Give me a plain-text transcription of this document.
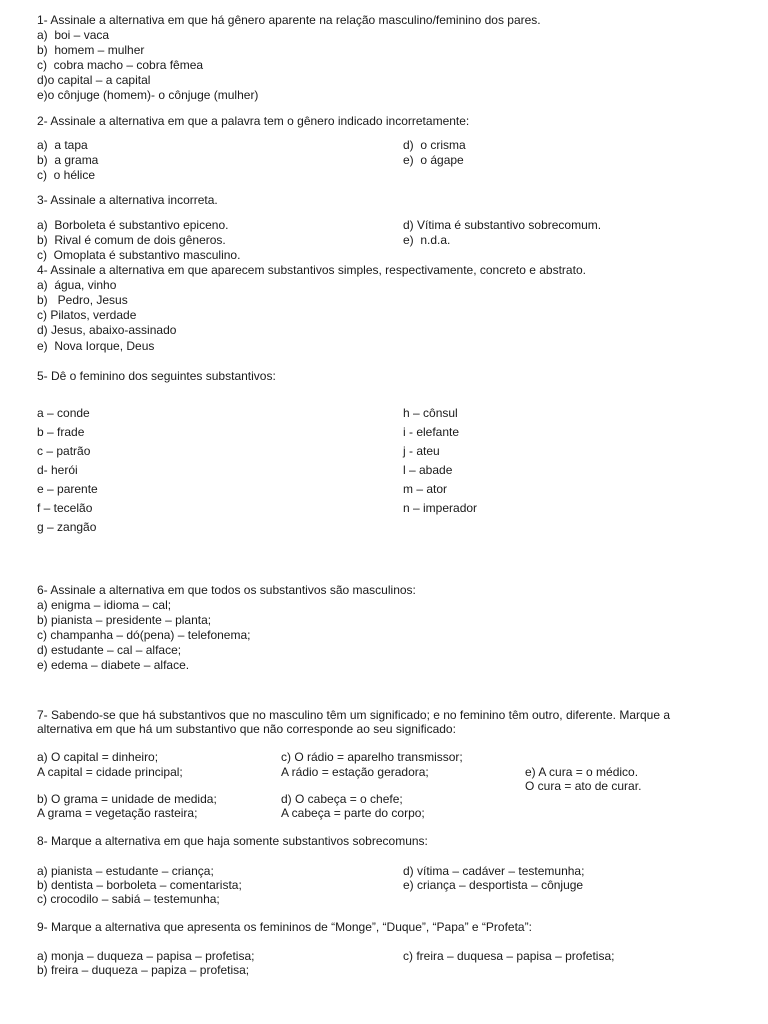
1- Assinale a alternativa em que há gênero aparente na relação masculino/feminino dos pares.
a)  boi – vaca
b)  homem – mulher
c)  cobra macho – cobra fêmea
d)o capital – a capital
e)o cônjuge (homem)- o cônjuge (mulher)
2- Assinale a alternativa em que a palavra tem o gênero indicado incorretamente:
a)  a tapa
b)  a grama
c)  o hélice
d)  o crisma
e)  o ágape
3- Assinale a alternativa incorreta.
a)  Borboleta é substantivo epiceno.
b)  Rival é comum de dois gêneros.
c)  Omoplata é substantivo masculino.
d) Vítima é substantivo sobrecomum.
e)  n.d.a.
4- Assinale a alternativa em que aparecem substantivos simples, respectivamente, concreto e abstrato.
a)  água, vinho
b)   Pedro, Jesus
c) Pilatos, verdade
d) Jesus, abaixo-assinado
e)  Nova Iorque, Deus
5- Dê o feminino dos seguintes substantivos:
a – conde
b – frade
c – patrão
d- herói
e – parente
f – tecelão
g – zangão
h – cônsul
i - elefante
j - ateu
l – abade
m – ator
n – imperador
6- Assinale a alternativa em que todos os substantivos são masculinos:
a) enigma – idioma – cal;
b) pianista – presidente – planta;
c) champanha – dó(pena) – telefonema;
d) estudante – cal – alface;
e) edema – diabete – alface.
7- Sabendo-se que há substantivos que no masculino têm um significado; e no feminino têm outro, diferente. Marque a
alternativa em que há um substantivo que não corresponde ao seu significado:
a) O capital = dinheiro;
A capital = cidade principal;
b) O grama = unidade de medida;
A grama = vegetação rasteira;
c) O rádio = aparelho transmissor;
A rádio = estação geradora;
d) O cabeça = o chefe;
A cabeça = parte do corpo;
e) A cura = o médico.
O cura = ato de curar.
8- Marque a alternativa em que haja somente substantivos sobrecomuns:
a) pianista – estudante – criança;
b) dentista – borboleta – comentarista;
c) crocodilo – sabiá – testemunha;
d) vítima – cadáver – testemunha;
e) criança – desportista – cônjuge
9- Marque a alternativa que apresenta os femininos de “Monge”, “Duque”, “Papa” e “Profeta”:
a) monja – duqueza – papisa – profetisa;
b) freira – duqueza – papiza – profetisa;
c) freira – duquesa – papisa – profetisa;
